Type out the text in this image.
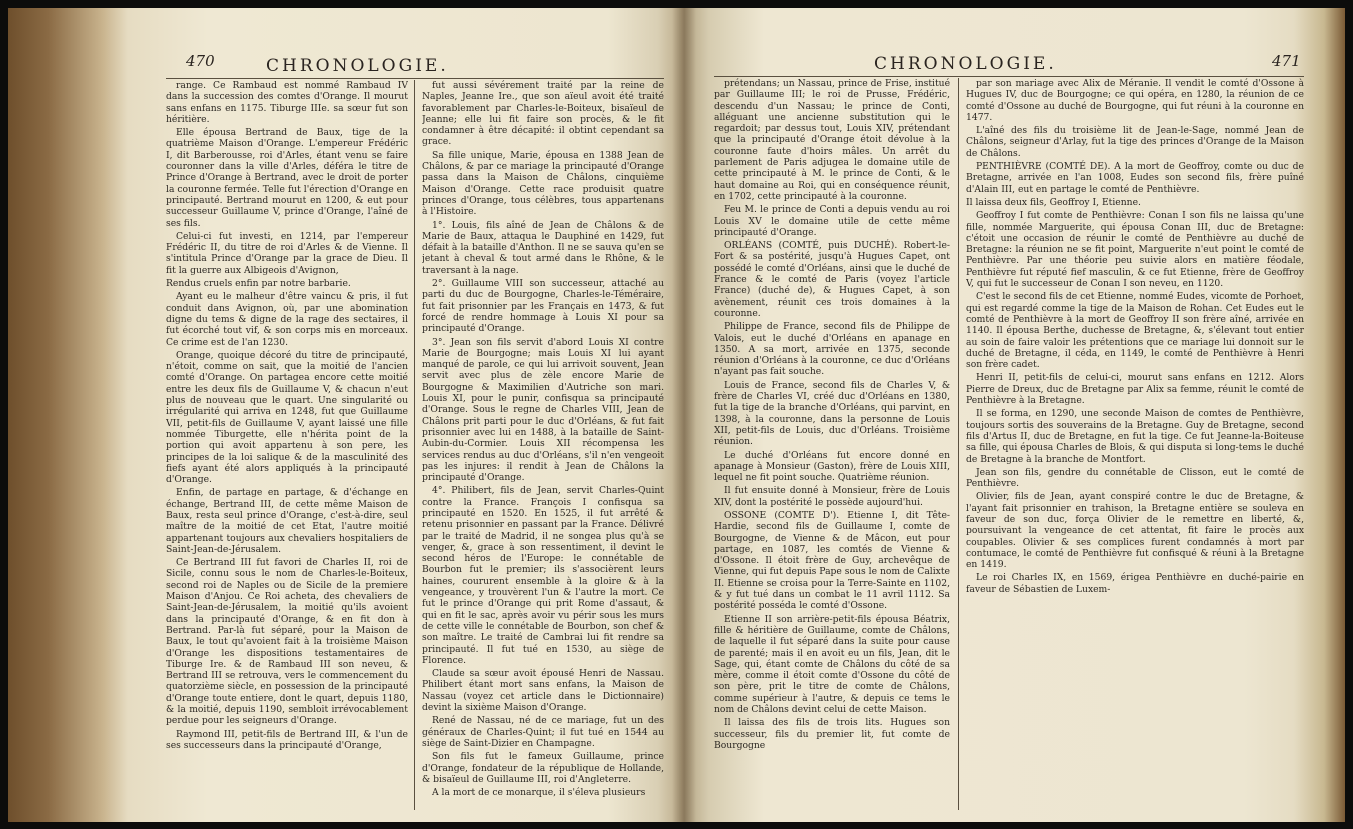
470	CHRONOLOGIE.

range. Ce Rambaud est nommé Rambaud IV dans la succession des comtes d'Orange. Il mourut sans enfans en 1175. Tiburge IIIe. sa sœur fut son héritière.

Elle épousa Bertrand de Baux, tige de la quatrième Maison d'Orange. L'empereur Frédéric I, dit Barberousse, roi d'Arles, étant venu se faire couronner dans la ville d'Arles, déféra le titre de Prince d'Orange à Bertrand, avec le droit de porter la couronne fermée. Telle fut l'érection d'Orange en principauté. Bertrand mourut en 1200, & eut pour successeur Guillaume V, prince d'Orange, l'aîné de ses fils.

Celui-ci fut investi, en 1214, par l'empereur Frédéric II, du titre de roi d'Arles & de Vienne. Il s'intitula Prince d'Orange par la grace de Dieu. Il fit la guerre aux Albigeois d'Avignon,

Rendus cruels enfin par notre barbarie.

Ayant eu le malheur d'être vaincu & pris, il fut conduit dans Avignon, où, par une abomination digne du tems & digne de la rage des sectaires, il fut écorché tout vif, & son corps mis en morceaux. Ce crime est de l'an 1230.

Orange, quoique décoré du titre de principauté, n'étoit, comme on sait, que la moitié de l'ancien comté d'Orange. On partagea encore cette moitié entre les deux fils de Guillaume V, & chacun n'eut plus de nouveau que le quart. Une singularité ou irrégularité qui arriva en 1248, fut que Guillaume VII, petit-fils de Guillaume V, ayant laissé une fille nommée Tiburgette, elle n'hérita point de la portion qui avoit appartenu à son pere, les principes de la loi salique & de la masculinité des fiefs ayant été alors appliqués à la principauté d'Orange.

Enfin, de partage en partage, & d'échange en échange, Bertrand III, de cette même Maison de Baux, resta seul prince d'Orange, c'est-à-dire, seul maître de la moitié de cet Etat, l'autre moitié appartenant toujours aux chevaliers hospitaliers de Saint-Jean-de-Jérusalem.

Ce Bertrand III fut favori de Charles II, roi de Sicile, connu sous le nom de Charles-le-Boiteux, second roi de Naples ou de Sicile de la premiere Maison d'Anjou. Ce Roi acheta, des chevaliers de Saint-Jean-de-Jérusalem, la moitié qu'ils avoient dans la principauté d'Orange, & en fit don à Bertrand. Par-là fut séparé, pour la Maison de Baux, le tout qu'avoient fait à la troisième Maison d'Orange les dispositions testamentaires de Tiburge Ire. & de Rambaud III son neveu, & Bertrand III se retrouva, vers le commencement du quatorzième siècle, en possession de la principauté d'Orange toute entiere, dont le quart, depuis 1180, & la moitié, depuis 1190, sembloit irrévocablement perdue pour les seigneurs d'Orange.

Raymond III, petit-fils de Bertrand III, & l'un de ses successeurs dans la principauté d'Orange,

fut aussi sévérement traité par la reine de Naples, Jeanne Ire., que son aïeul avoit été traité favorablement par Charles-le-Boiteux, bisaïeul de Jeanne; elle lui fit faire son procès, & le fit condamner à être décapité: il obtint cependant sa grace.

Sa fille unique, Marie, épousa en 1388 Jean de Châlons, & par ce mariage la principauté d'Orange passa dans la Maison de Châlons, cinquième Maison d'Orange. Cette race produisit quatre princes d'Orange, tous célèbres, tous appartenans à l'Histoire.

1°. Louis, fils aîné de Jean de Châlons & de Marie de Baux, attaqua le Dauphiné en 1429, fut défait à la bataille d'Anthon. Il ne se sauva qu'en se jetant à cheval & tout armé dans le Rhône, & le traversant à la nage.

2°. Guillaume VIII son successeur, attaché au parti du duc de Bourgogne, Charles-le-Téméraire, fut fait prisonnier par les Français en 1473, & fut forcé de rendre hommage à Louis XI pour sa principauté d'Orange.

3°. Jean son fils servit d'abord Louis XI contre Marie de Bourgogne; mais Louis XI lui ayant manqué de parole, ce qui lui arrivoit souvent, Jean servit avec plus de zèle encore Marie de Bourgogne & Maximilien d'Autriche son mari. Louis XI, pour le punir, confisqua sa principauté d'Orange. Sous le regne de Charles VIII, Jean de Châlons prit parti pour le duc d'Orléans, & fut fait prisonnier avec lui en 1488, à la bataille de Saint-Aubin-du-Cormier. Louis XII récompensa les services rendus au duc d'Orléans, s'il n'en vengeoit pas les injures: il rendit à Jean de Châlons la principauté d'Orange.

4°. Philibert, fils de Jean, servit Charles-Quint contre la France. François I confisqua sa principauté en 1520. En 1525, il fut arrêté & retenu prisonnier en passant par la France. Délivré par le traité de Madrid, il ne songea plus qu'à se venger, &, grace à son ressentiment, il devint le second héros de l'Europe: le connétable de Bourbon fut le premier; ils s'associèrent leurs haines, coururent ensemble à la gloire & à la vengeance, y trouvèrent l'un & l'autre la mort. Ce fut le prince d'Orange qui prit Rome d'assaut, & qui en fit le sac, après avoir vu périr sous les murs de cette ville le connétable de Bourbon, son chef & son maître. Le traité de Cambrai lui fit rendre sa principauté. Il fut tué en 1530, au siège de Florence.

Claude sa sœur avoit épousé Henri de Nassau. Philibert étant mort sans enfans, la Maison de Nassau (voyez cet article dans le Dictionnaire) devint la sixième Maison d'Orange.

René de Nassau, né de ce mariage, fut un des généraux de Charles-Quint; il fut tué en 1544 au siège de Saint-Dizier en Champagne.

Son fils fut le fameux Guillaume, prince d'Orange, fondateur de la république de Hollande, & bisaïeul de Guillaume III, roi d'Angleterre.

A la mort de ce monarque, il s'éleva plusieurs

CHRONOLOGIE.	471

prétendans; un Nassau, prince de Frise, institué par Guillaume III; le roi de Prusse, Frédéric, descendu d'un Nassau; le prince de Conti, alléguant une ancienne substitution qui le regardoit; par dessus tout, Louis XIV, prétendant que la principauté d'Orange étoit dévolue à la couronne faute d'hoirs mâles. Un arrêt du parlement de Paris adjugea le domaine utile de cette principauté à M. le prince de Conti, & le haut domaine au Roi, qui en conséquence réunit, en 1702, cette principauté à la couronne.

Feu M. le prince de Conti a depuis vendu au roi Louis XV le domaine utile de cette même principauté d'Orange.

ORLÉANS (COMTÉ, puis DUCHÉ). Robert-le-Fort & sa postérité, jusqu'à Hugues Capet, ont possédé le comté d'Orléans, ainsi que le duché de France & le comté de Paris (voyez l'article France) (duché de), & Hugues Capet, à son avènement, réunit ces trois domaines à la couronne.

Philippe de France, second fils de Philippe de Valois, eut le duché d'Orléans en apanage en 1350. A sa mort, arrivée en 1375, seconde réunion d'Orléans à la couronne, ce duc d'Orléans n'ayant pas fait souche.

Louis de France, second fils de Charles V, & frère de Charles VI, créé duc d'Orléans en 1380, fut la tige de la branche d'Orléans, qui parvint, en 1398, à la couronne, dans la personne de Louis XII, petit-fils de Louis, duc d'Orléans. Troisième réunion.

Le duché d'Orléans fut encore donné en apanage à Monsieur (Gaston), frère de Louis XIII, lequel ne fit point souche. Quatrième réunion.

Il fut ensuite donné à Monsieur, frère de Louis XIV, dont la postérité le possède aujourd'hui.

OSSONE (COMTE D'). Etienne I, dit Tête-Hardie, second fils de Guillaume I, comte de Bourgogne, de Vienne & de Mâcon, eut pour partage, en 1087, les comtés de Vienne & d'Ossone. Il étoit frère de Guy, archevêque de Vienne, qui fut depuis Pape sous le nom de Calixte II. Etienne se croisa pour la Terre-Sainte en 1102, & y fut tué dans un combat le 11 avril 1112. Sa postérité posséda le comté d'Ossone.

Etienne II son arrière-petit-fils épousa Béatrix, fille & héritière de Guillaume, comte de Châlons, de laquelle il fut séparé dans la suite pour cause de parenté; mais il en avoit eu un fils, Jean, dit le Sage, qui, étant comte de Châlons du côté de sa mère, comme il étoit comte d'Ossone du côté de son père, prit le titre de comte de Châlons, comme supérieur à l'autre, & depuis ce tems le nom de Châlons devint celui de cette Maison.

Il laissa des fils de trois lits. Hugues son successeur, fils du premier lit, fut comte de Bourgogne

par son mariage avec Alix de Méranie. Il vendit le comté d'Ossone à Hugues IV, duc de Bourgogne; ce qui opéra, en 1280, la réunion de ce comté d'Ossone au duché de Bourgogne, qui fut réuni à la couronne en 1477.

L'aîné des fils du troisième lit de Jean-le-Sage, nommé Jean de Châlons, seigneur d'Arlay, fut la tige des princes d'Orange de la Maison de Châlons.

PENTHIÈVRE (COMTÉ DE). A la mort de Geoffroy, comte ou duc de Bretagne, arrivée en l'an 1008, Eudes son second fils, frère puîné d'Alain III, eut en partage le comté de Penthièvre.

Il laissa deux fils, Geoffroy I, Etienne.

Geoffroy I fut comte de Penthièvre: Conan I son fils ne laissa qu'une fille, nommée Marguerite, qui épousa Conan III, duc de Bretagne: c'étoit une occasion de réunir le comté de Penthièvre au duché de Bretagne: la réunion ne se fit point, Marguerite n'eut point le comté de Penthièvre. Par une théorie peu suivie alors en matière féodale, Penthièvre fut réputé fief masculin, & ce fut Etienne, frère de Geoffroy V, qui fut le successeur de Conan I son neveu, en 1120.

C'est le second fils de cet Etienne, nommé Eudes, vicomte de Porhoet, qui est regardé comme la tige de la Maison de Rohan. Cet Eudes eut le comté de Penthièvre à la mort de Geoffroy II son frère aîné, arrivée en 1140. Il épousa Berthe, duchesse de Bretagne, &, s'élevant tout entier au soin de faire valoir les prétentions que ce mariage lui donnoit sur le duché de Bretagne, il céda, en 1149, le comté de Penthièvre à Henri son frère cadet.

Henri II, petit-fils de celui-ci, mourut sans enfans en 1212. Alors Pierre de Dreux, duc de Bretagne par Alix sa femme, réunit le comté de Penthièvre à la Bretagne.

Il se forma, en 1290, une seconde Maison de comtes de Penthièvre, toujours sortis des souverains de la Bretagne. Guy de Bretagne, second fils d'Artus II, duc de Bretagne, en fut la tige. Ce fut Jeanne-la-Boiteuse sa fille, qui épousa Charles de Blois, & qui disputa si long-tems le duché de Bretagne à la branche de Montfort.

Jean son fils, gendre du connétable de Clisson, eut le comté de Penthièvre.

Olivier, fils de Jean, ayant conspiré contre le duc de Bretagne, & l'ayant fait prisonnier en trahison, la Bretagne entière se souleva en faveur de son duc, força Olivier de le remettre en liberté, &, poursuivant la vengeance de cet attentat, fit faire le procès aux coupables. Olivier & ses complices furent condamnés à mort par contumace, le comté de Penthièvre fut confisqué & réuni à la Bretagne en 1419.

Le roi Charles IX, en 1569, érigea Penthièvre en duché-pairie en faveur de Sébastien de Luxem-
